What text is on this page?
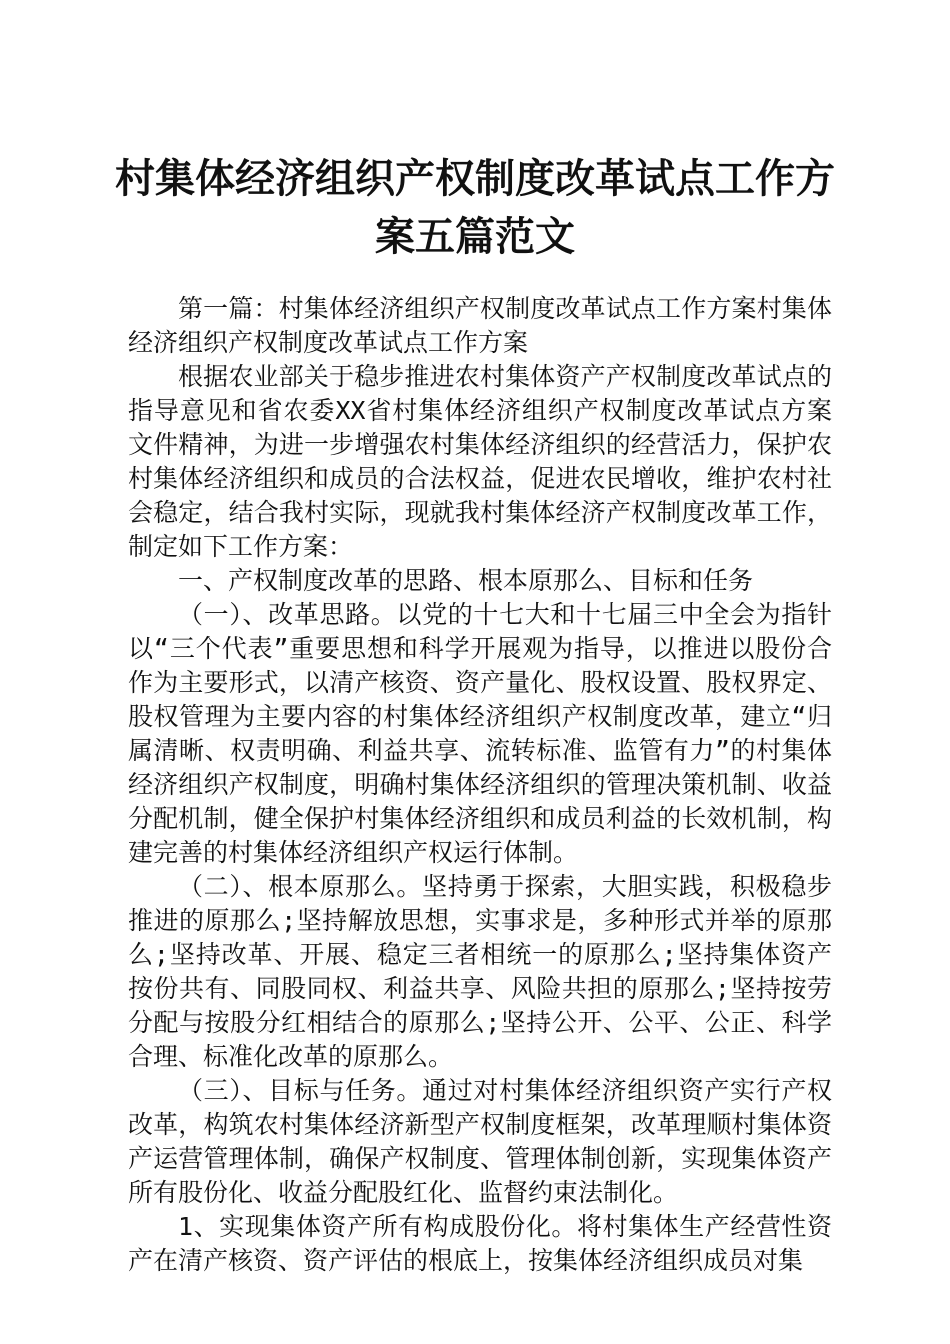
村集体经济组织产权制度改革试点工作方案五篇范文

第一篇：村集体经济组织产权制度改革试点工作方案村集体经济组织产权制度改革试点工作方案

根据农业部关于稳步推进农村集体资产产权制度改革试点的指导意见和省农委XX省村集体经济组织产权制度改革试点方案文件精神，为进一步增强农村集体经济组织的经营活力，保护农村集体经济组织和成员的合法权益，促进农民增收，维护农村社会稳定，结合我村实际，现就我村集体经济产权制度改革工作，制定如下工作方案：

一、产权制度改革的思路、根本原那么、目标和任务

（一）、改革思路。以党的十七大和十七届三中全会为指针以“三个代表”重要思想和科学开展观为指导，以推进以股份合作为主要形式，以清产核资、资产量化、股权设置、股权界定、股权管理为主要内容的村集体经济组织产权制度改革，建立“归属清晰、权责明确、利益共享、流转标准、监管有力”的村集体经济组织产权制度，明确村集体经济组织的管理决策机制、收益分配机制，健全保护村集体经济组织和成员利益的长效机制，构建完善的村集体经济组织产权运行体制。

（二）、根本原那么。坚持勇于探索，大胆实践，积极稳步推进的原那么;坚持解放思想，实事求是，多种形式并举的原那么;坚持改革、开展、稳定三者相统一的原那么;坚持集体资产按份共有、同股同权、利益共享、风险共担的原那么;坚持按劳分配与按股分红相结合的原那么;坚持公开、公平、公正、科学合理、标准化改革的原那么。

（三）、目标与任务。通过对村集体经济组织资产实行产权改革，构筑农村集体经济新型产权制度框架，改革理顺村集体资产运营管理体制，确保产权制度、管理体制创新，实现集体资产所有股份化、收益分配股红化、监督约束法制化。

1、实现集体资产所有构成股份化。将村集体生产经营性资产在清产核资、资产评估的根底上，按集体经济组织成员对集
